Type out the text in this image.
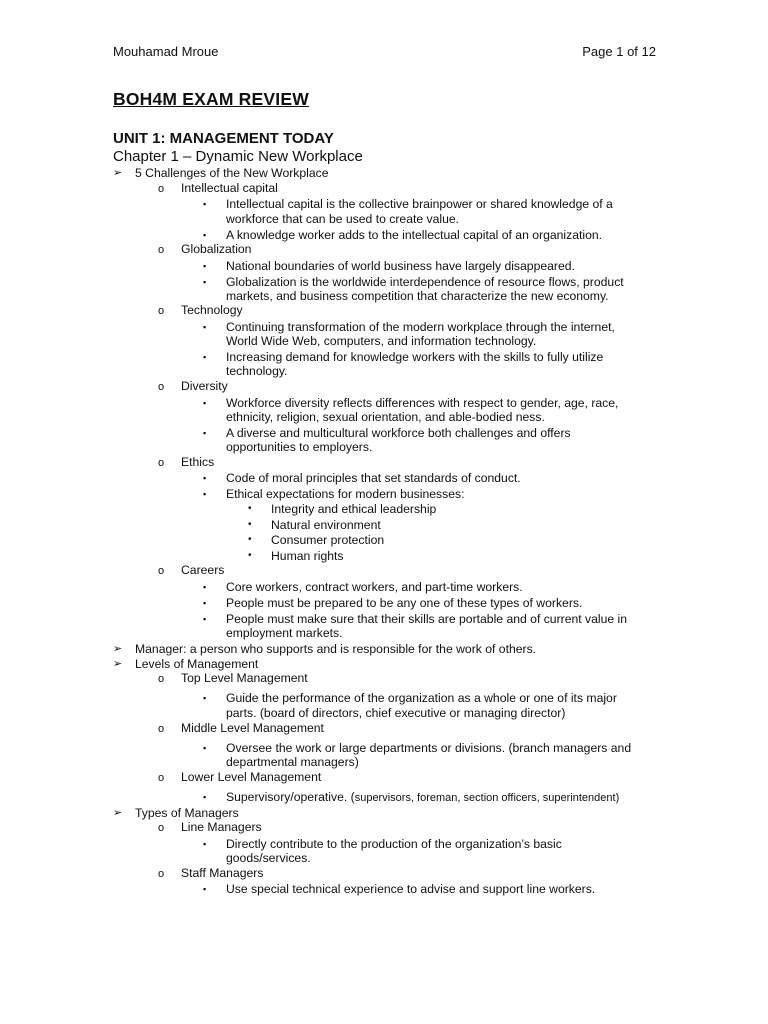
Mouhamad Mroue	Page 1 of 12
BOH4M EXAM REVIEW
UNIT 1: MANAGEMENT TODAY
Chapter 1 – Dynamic New Workplace
➢ 5 Challenges of the New Workplace
o Intellectual capital
▪ Intellectual capital is the collective brainpower or shared knowledge of a
workforce that can be used to create value.
▪ A knowledge worker adds to the intellectual capital of an organization.
o Globalization
▪ National boundaries of world business have largely disappeared.
▪ Globalization is the worldwide interdependence of resource flows, product
markets, and business competition that characterize the new economy.
o Technology
▪ Continuing transformation of the modern workplace through the internet,
World Wide Web, computers, and information technology.
▪ Increasing demand for knowledge workers with the skills to fully utilize
technology.
o Diversity
▪ Workforce diversity reflects differences with respect to gender, age, race,
ethnicity, religion, sexual orientation, and able-bodied ness.
▪ A diverse and multicultural workforce both challenges and offers
opportunities to employers.
o Ethics
▪ Code of moral principles that set standards of conduct.
▪ Ethical expectations for modern businesses:
• Integrity and ethical leadership
• Natural environment
• Consumer protection
• Human rights
o Careers
▪ Core workers, contract workers, and part-time workers.
▪ People must be prepared to be any one of these types of workers.
▪ People must make sure that their skills are portable and of current value in
employment markets.
➢ Manager: a person who supports and is responsible for the work of others.
➢ Levels of Management
o Top Level Management
▪ Guide the performance of the organization as a whole or one of its major
parts. (board of directors, chief executive or managing director)
o Middle Level Management
▪ Oversee the work or large departments or divisions. (branch managers and
departmental managers)
o Lower Level Management
▪ Supervisory/operative. (supervisors, foreman, section officers, superintendent)
➢ Types of Managers
o Line Managers
▪ Directly contribute to the production of the organization’s basic
goods/services.
o Staff Managers
▪ Use special technical experience to advise and support line workers.
